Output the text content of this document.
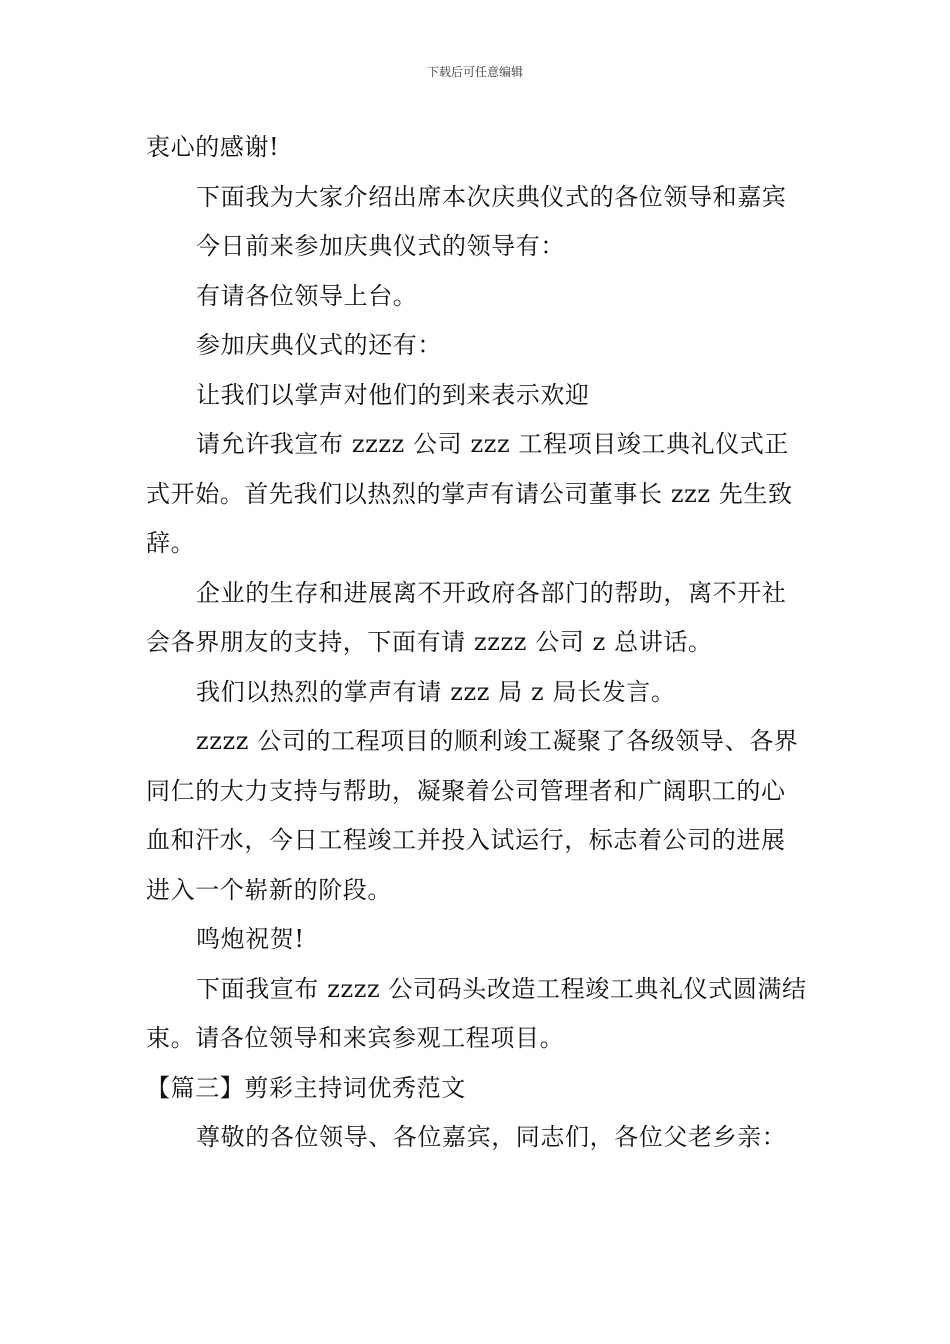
下载后可任意编辑

衷心的感谢!

下面我为大家介绍出席本次庆典仪式的各位领导和嘉宾

今日前来参加庆典仪式的领导有：

有请各位领导上台。

参加庆典仪式的还有：

让我们以掌声对他们的到来表示欢迎

请允许我宣布 zzzz 公司 zzz 工程项目竣工典礼仪式正式开始。首先我们以热烈的掌声有请公司董事长 zzz 先生致辞。

企业的生存和进展离不开政府各部门的帮助，离不开社会各界朋友的支持，下面有请 zzzz 公司 z 总讲话。

我们以热烈的掌声有请 zzz 局 z 局长发言。

zzzz 公司的工程项目的顺利竣工凝聚了各级领导、各界同仁的大力支持与帮助，凝聚着公司管理者和广阔职工的心血和汗水，今日工程竣工并投入试运行，标志着公司的进展进入一个崭新的阶段。

鸣炮祝贺!

下面我宣布 zzzz 公司码头改造工程竣工典礼仪式圆满结束。请各位领导和来宾参观工程项目。

【篇三】剪彩主持词优秀范文

尊敬的各位领导、各位嘉宾，同志们，各位父老乡亲：
